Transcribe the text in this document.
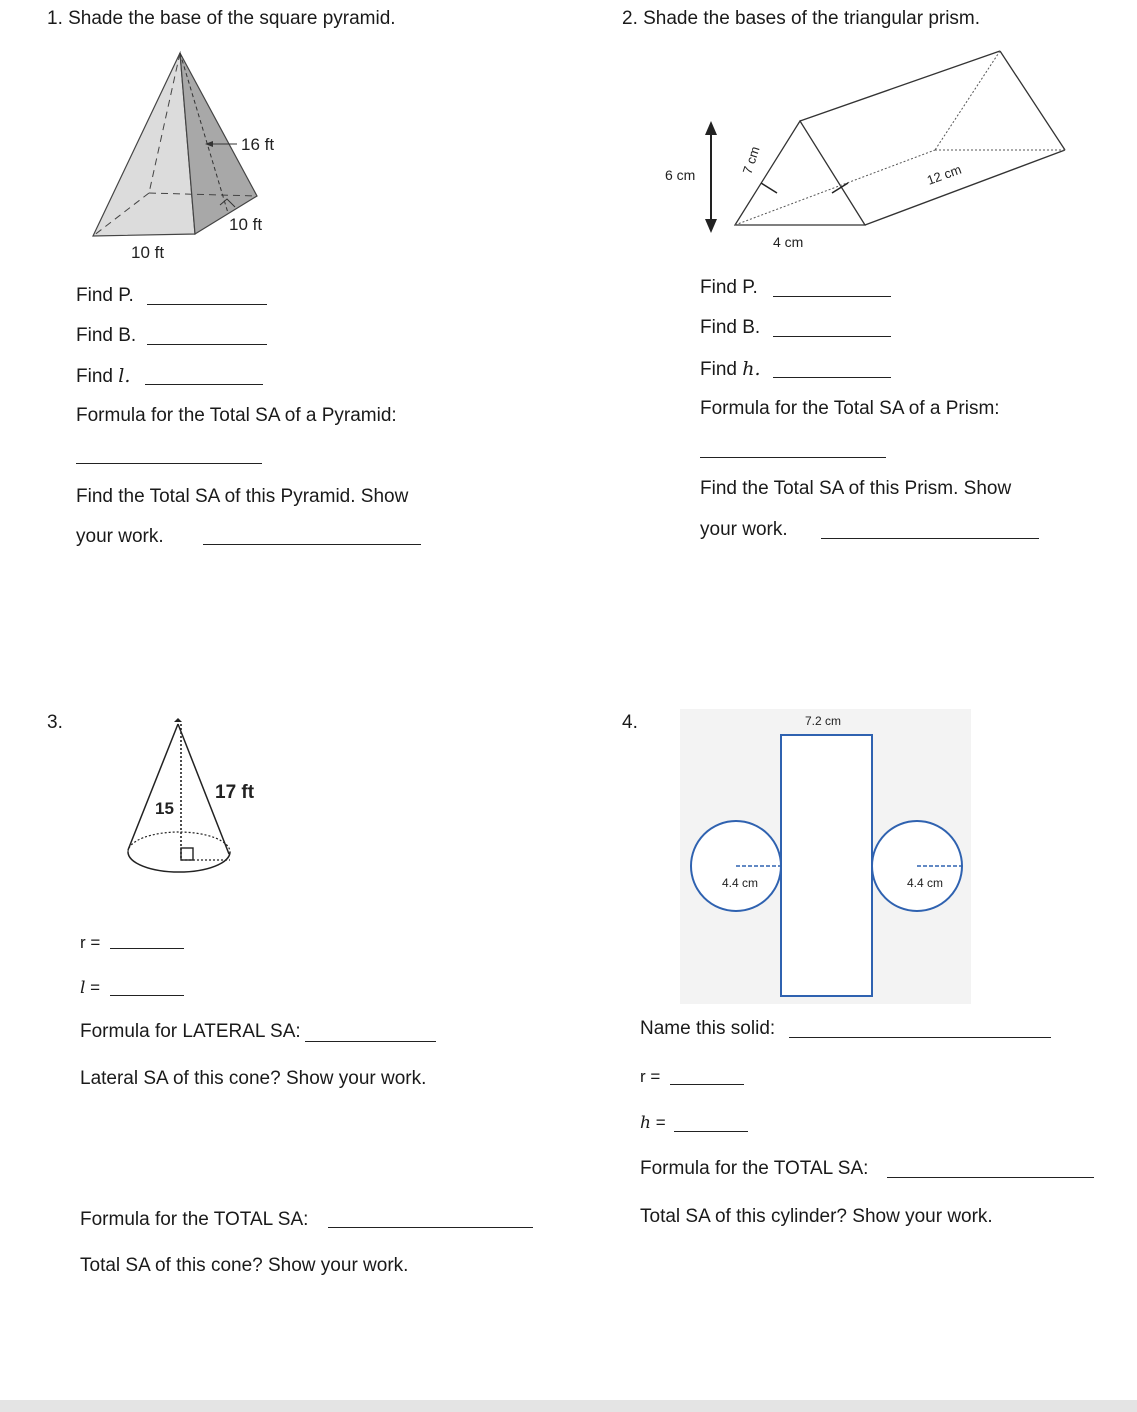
1. Shade the base of the square pyramid.
16 ft
10 ft
10 ft
Find P.
Find B.
Find l.
Formula for the Total SA of a Pyramid:
Find the Total SA of this Pyramid. Show
your work.
2. Shade the bases of the triangular prism.
6 cm	7 cm
4 cm
12 cm
Find P.
Find B.
Find h.
Formula for the Total SA of a Prism:
Find the Total SA of this Prism. Show
your work.
3.
15
17 ft
r =
l =
Formula for LATERAL SA:
Lateral SA of this cone? Show your work.
Formula for the TOTAL SA:
Total SA of this cone? Show your work.
4.	7.2 cm
4.4 cm	4.4 cm
Name this solid:
r =
h =
Formula for the TOTAL SA:
Total SA of this cylinder? Show your work.
